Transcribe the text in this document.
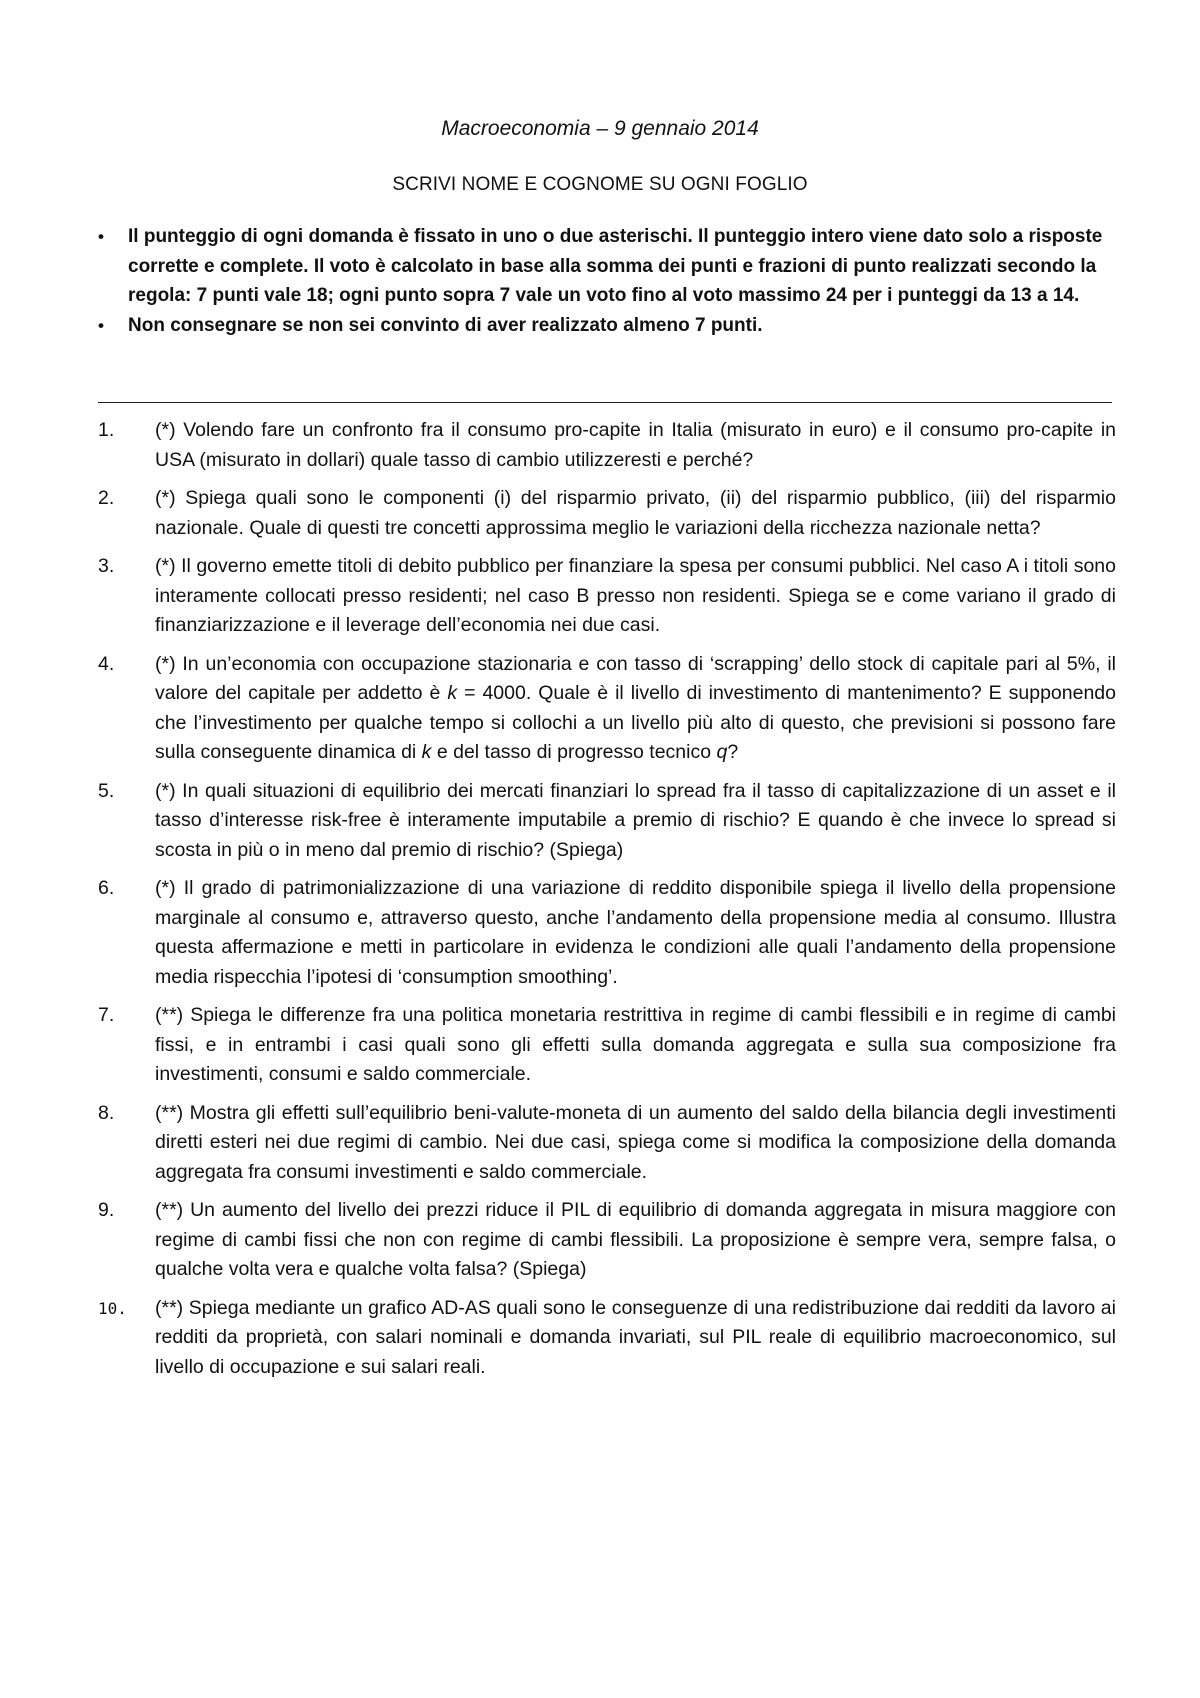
Macroeconomia – 9 gennaio 2014
SCRIVI NOME E COGNOME SU OGNI FOGLIO
• Il punteggio di ogni domanda è fissato in uno o due asterischi. Il punteggio intero viene dato solo a risposte corrette e complete. Il voto è calcolato in base alla somma dei punti e frazioni di punto realizzati secondo la regola: 7 punti vale 18; ogni punto sopra 7 vale un voto fino al voto massimo 24 per i punteggi da 13 a 14.
• Non consegnare se non sei convinto di aver realizzato almeno 7 punti.
1. (*) Volendo fare un confronto fra il consumo pro-capite in Italia (misurato in euro) e il consumo pro-capite in USA (misurato in dollari) quale tasso di cambio utilizzeresti e perché?
2. (*) Spiega quali sono le componenti (i) del risparmio privato, (ii) del risparmio pubblico, (iii) del risparmio nazionale. Quale di questi tre concetti approssima meglio le variazioni della ricchezza nazionale netta?
3. (*) Il governo emette titoli di debito pubblico per finanziare la spesa per consumi pubblici. Nel caso A i titoli sono interamente collocati presso residenti; nel caso B presso non residenti. Spiega se e come variano il grado di finanziarizzazione e il leverage dell’economia nei due casi.
4. (*) In un’economia con occupazione stazionaria e con tasso di ‘scrapping’ dello stock di capitale pari al 5%, il valore del capitale per addetto è k = 4000. Quale è il livello di investimento di mantenimento? E supponendo che l’investimento per qualche tempo si collochi a un livello più alto di questo, che previsioni si possono fare sulla conseguente dinamica di k e del tasso di progresso tecnico q?
5. (*) In quali situazioni di equilibrio dei mercati finanziari lo spread fra il tasso di capitalizzazione di un asset e il tasso d’interesse risk-free è interamente imputabile a premio di rischio? E quando è che invece lo spread si scosta in più o in meno dal premio di rischio? (Spiega)
6. (*) Il grado di patrimonializzazione di una variazione di reddito disponibile spiega il livello della propensione marginale al consumo e, attraverso questo, anche l’andamento della propensione media al consumo. Illustra questa affermazione e metti in particolare in evidenza le condizioni alle quali l’andamento della propensione media rispecchia l’ipotesi di ‘consumption smoothing’.
7. (**) Spiega le differenze fra una politica monetaria restrittiva in regime di cambi flessibili e in regime di cambi fissi, e in entrambi i casi quali sono gli effetti sulla domanda aggregata e sulla sua composizione fra investimenti, consumi e saldo commerciale.
8. (**) Mostra gli effetti sull’equilibrio beni-valute-moneta di un aumento del saldo della bilancia degli investimenti diretti esteri nei due regimi di cambio. Nei due casi, spiega come si modifica la composizione della domanda aggregata fra consumi investimenti e saldo commerciale.
9. (**) Un aumento del livello dei prezzi riduce il PIL di equilibrio di domanda aggregata in misura maggiore con regime di cambi fissi che non con regime di cambi flessibili. La proposizione è sempre vera, sempre falsa, o qualche volta vera e qualche volta falsa? (Spiega)
10. (**) Spiega mediante un grafico AD-AS quali sono le conseguenze di una redistribuzione dai redditi da lavoro ai redditi da proprietà, con salari nominali e domanda invariati, sul PIL reale di equilibrio macroeconomico, sul livello di occupazione e sui salari reali.
